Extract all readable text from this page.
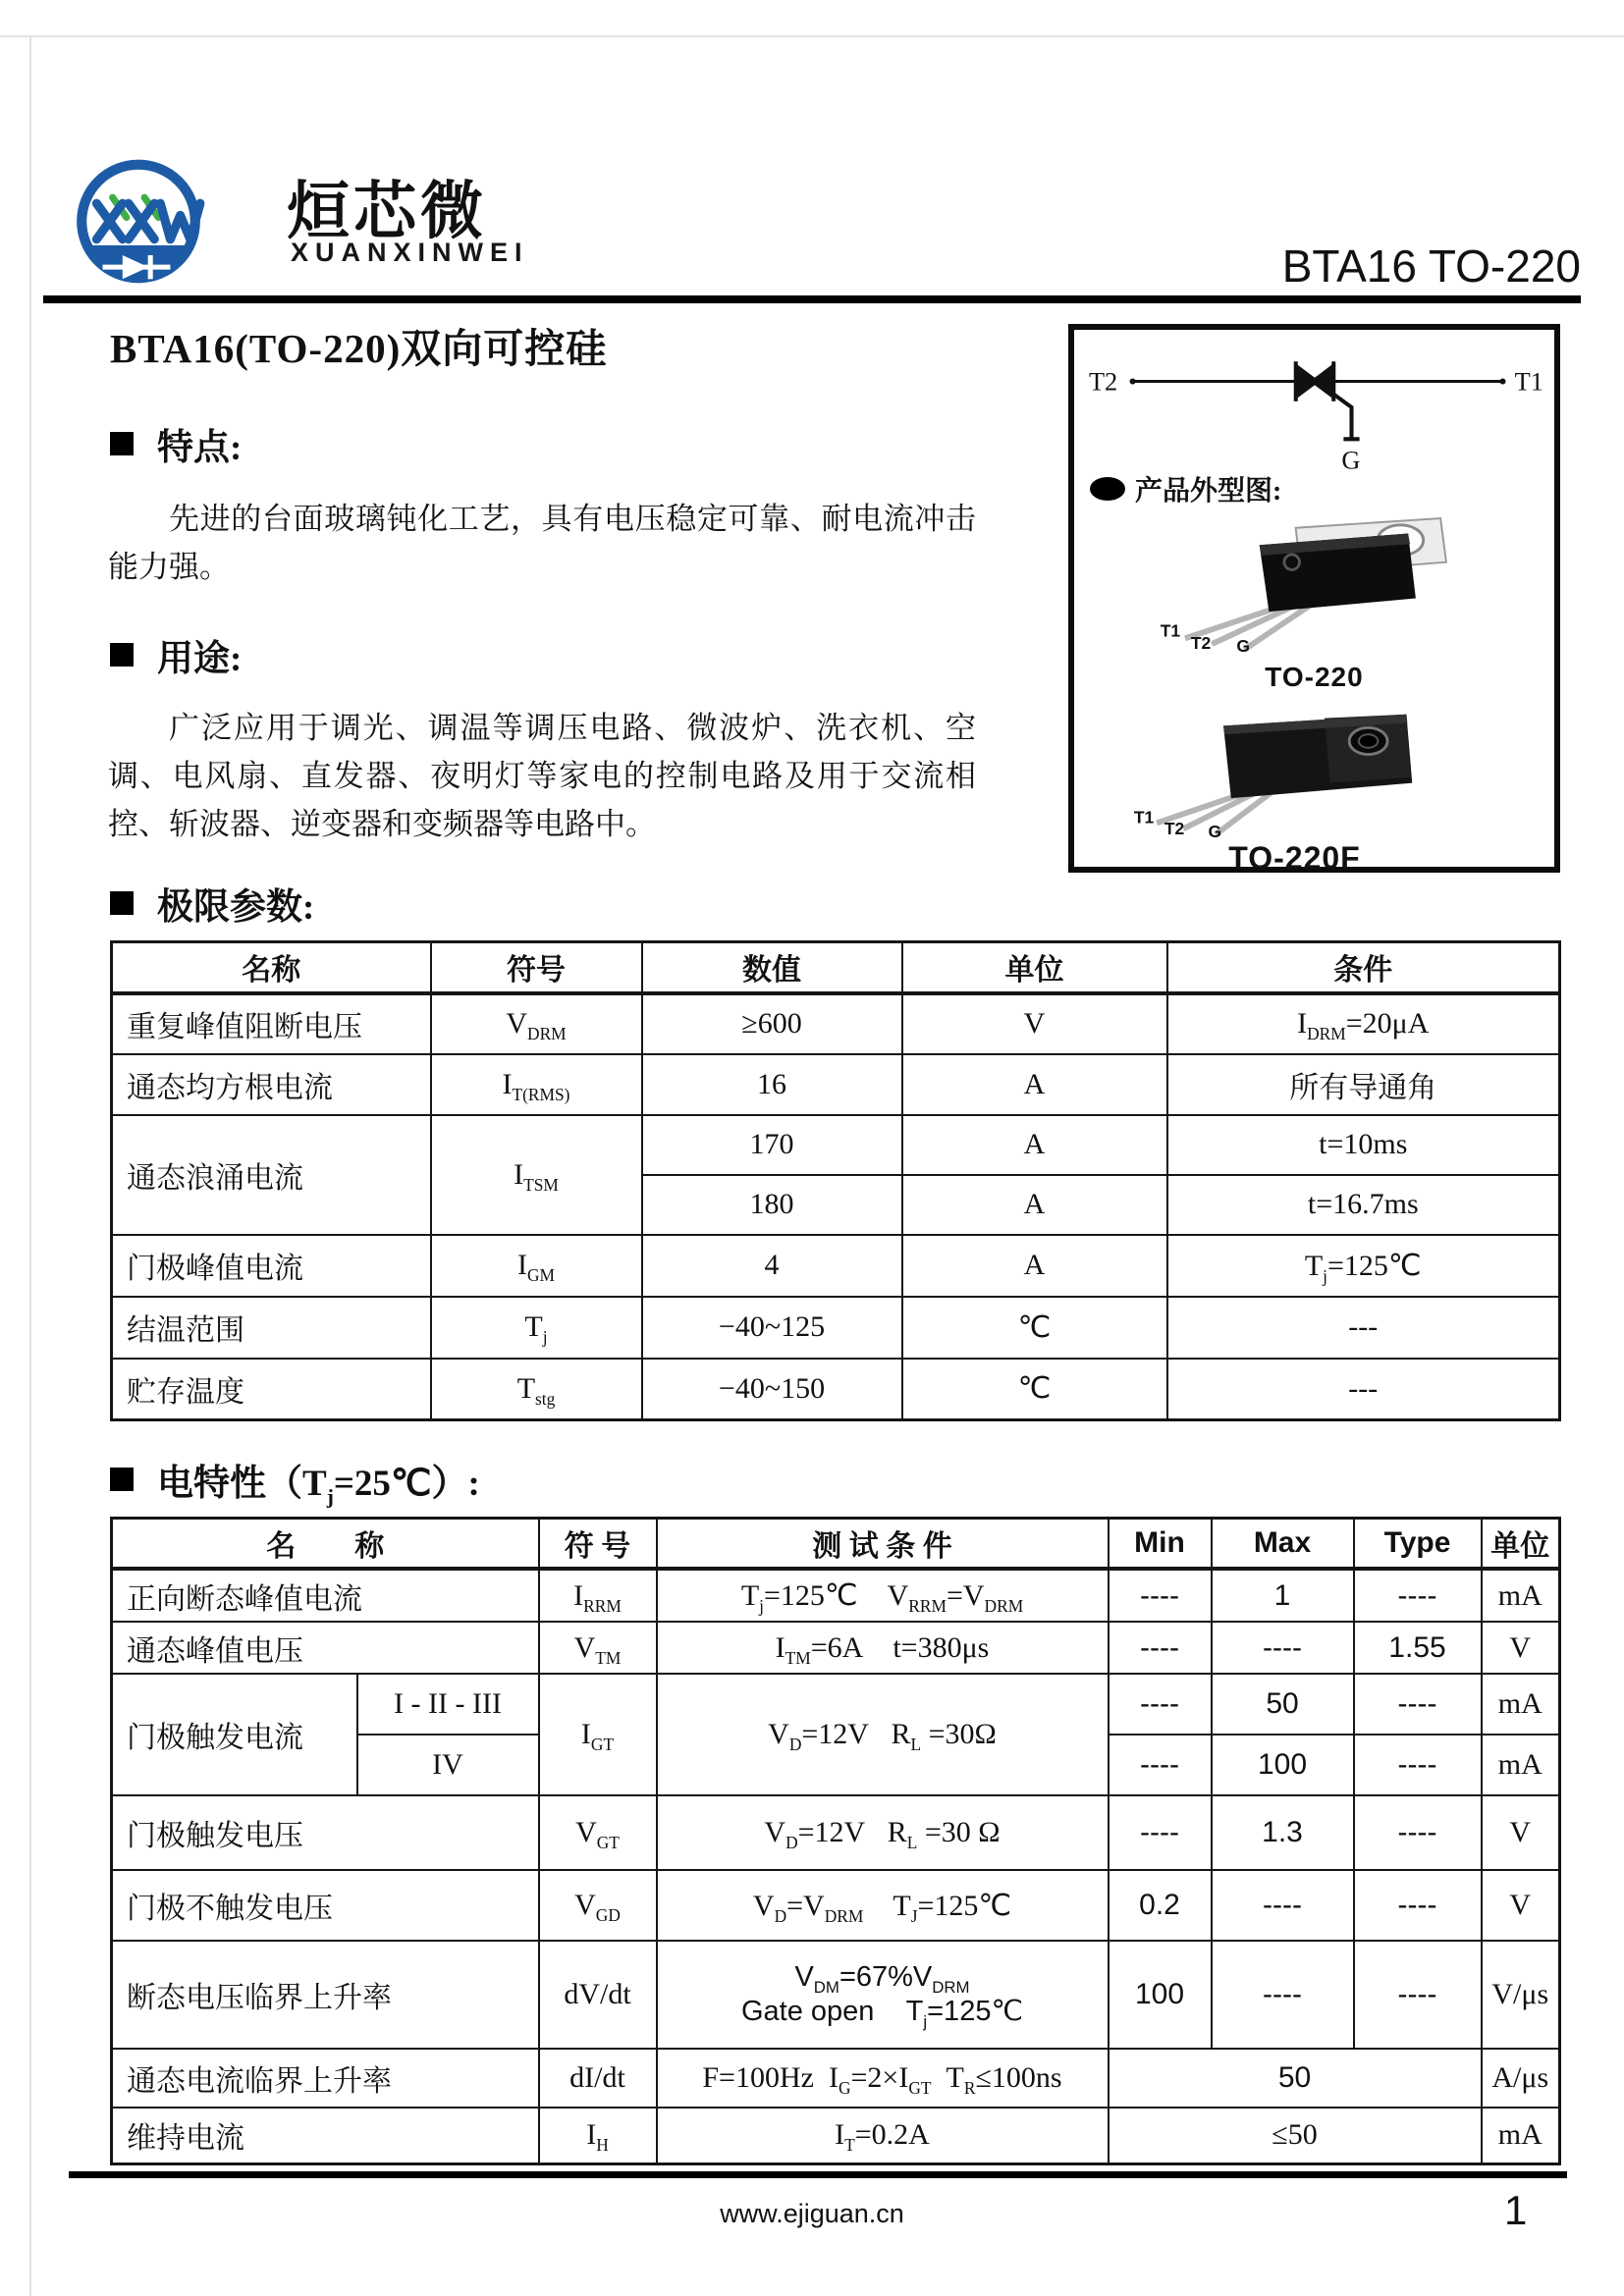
烜芯微
XUANXINWEI	BTA16 TO-220
BTA16(TO-220)双向可控硅
T2	T1
G
产品外型图:
T1
T2 G
TO-220
T1
T2 G
TO-220F
特点:
先进的台面玻璃钝化工艺，具有电压稳定可靠、耐电流冲击能力强。
用途:
广泛应用于调光、调温等调压电路、微波炉、洗衣机、空调、电风扇、直发器、夜明灯等家电的控制电路及用于交流相控、斩波器、逆变器和变频器等电路中。
极限参数:
名称	符号	数值	单位	条件
重复峰值阻断电压	$V_{DRM}$	≥600	V	$I_{DRM}=20\mu A$
通态均方根电流	$I_{T(RMS)}$	16	A	所有导通角
通态浪涌电流	$I_{TSM}$	170	A	t=10ms
		180	A	t=16.7ms
门极峰值电流	$I_{GM}$	4	A	$T_j=125℃$
结温范围	$T_j$	−40~125	℃	---
贮存温度	$T_{stg}$	−40~150	℃	---
电特性$(T_j=25℃)$:
名　　称		符 号	测 试 条 件	Min	Max	Type	单位
正向断态峰值电流		$I_{RRM}$	$T_j=125℃$    $V_{RRM}=V_{DRM}$	----	1	----	mA
通态峰值电压		$V_{TM}$	$I_{TM}=6A$    t=380μs	----	----	1.55	V
门极触发电流	I - II - III	$I_{GT}$	$V_D=12V$   $R_L =30\Omega$	----	50	----	mA
	IV			----	100	----	mA
门极触发电压		$V_{GT}$	$V_D=12V$   $R_L =30$ Ω	----	1.3	----	V
门极不触发电压		$V_{GD}$	$V_D=V_{DRM}$    $T_J=125℃$	0.2	----	----	V
断态电压临界上升率		dV/dt	$V_{DM}=67\%V_{DRM}$
Gate open    $T_j=125℃$	100	----	----	V/μs
通态电流临界上升率		dI/dt	F=100Hz  $I_G=2\times I_{GT}$  $T_R\le 100ns$	50			A/μs
维持电流		$I_H$	$I_T=0.2A$	≤50			mA
www.ejiguan.cn	1
